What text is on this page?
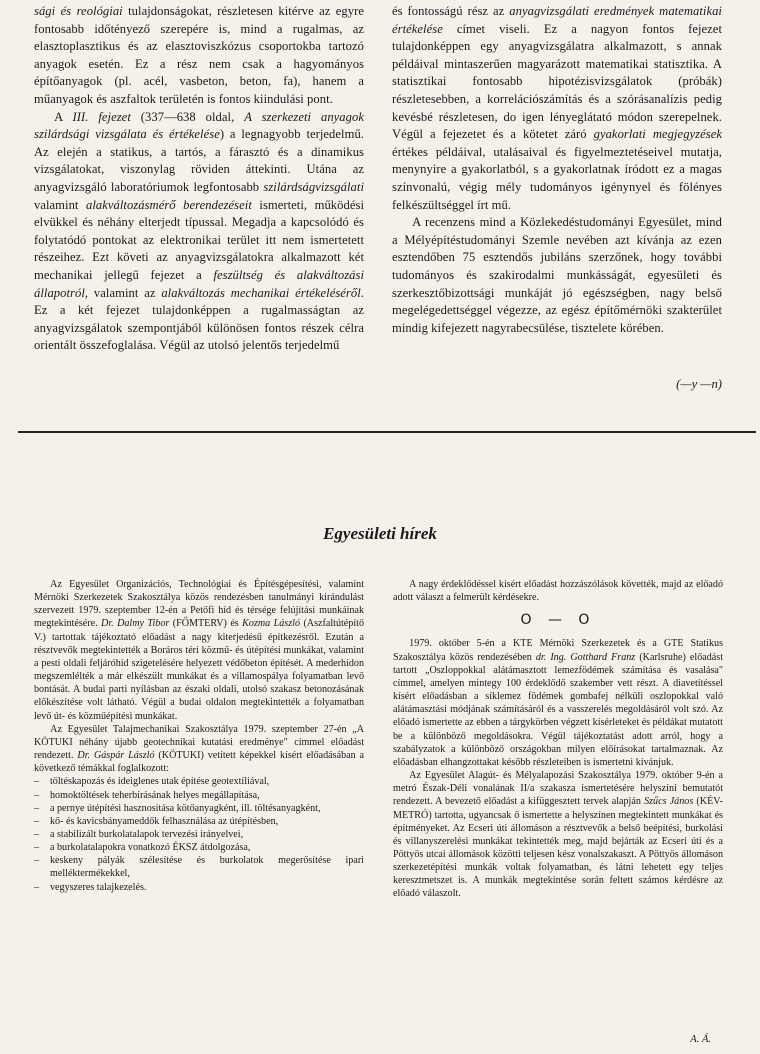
sági és reológiai tulajdonságokat, részletesen kitérve az egyre fontosabb időtényező szerepére is, mind a rugalmas, az elasztoplasztikus és az elasztoviszkózus csoportokba tartozó anyagok esetén. Ez a rész nem csak a hagyományos építőanyagok (pl. acél, vasbeton, beton, fa), hanem a műanyagok és aszfaltok területén is fontos kiindulási pont.

A III. fejezet (337—638 oldal, A szerkezeti anyagok szilárdsági vizsgálata és értékelése) a legnagyobb terjedelmű. Az elején a statikus, a tartós, a fárasztó és a dinamikus vizsgálatokat, viszonylag röviden áttekinti. Utána az anyagvizsgáló laboratóriumok legfontosabb szilárdságvizsgálati valamint alakváltozásmérő berendezéseit ismerteti, működési elvükkel és néhány elterjedt típussal. Megadja a kapcsolódó és folytatódó pontokat az elektronikai terület itt nem ismertetett részeihez. Ezt követi az anyagvizsgálatokra alkalmazott két mechanikai jellegű fejezet a feszültség és alakváltozási állapotról, valamint az alakváltozás mechanikai értékeléséről. Ez a két fejezet tulajdonképpen a rugalmasságtan az anyagvizsgálatok szempontjából különösen fontos részek célra orientált összefoglalása. Végül az utolsó jelentős terjedelmű

és fontosságú rész az anyagvizsgálati eredmények matematikai értékelése címet viseli. Ez a nagyon fontos fejezet tulajdonképpen egy anyagvizsgálatra alkalmazott, s annak példáival mintaszerűen magyarázott matematikai statisztika. A statisztikai fontosabb hipotézisvizsgálatok (próbák) részletesebben, a korrelációszámítás és a szórásanalízis pedig kevésbé részletesen, do igen lényeglátató módon szerepelnek. Végül a fejezetet és a kötetet záró gyakorlati megjegyzések értékes példáival, utalásaival és figyelmeztetéseivel mutatja, menynyire a gyakorlatból, s a gyakorlatnak íródott ez a magas színvonalú, végig mély tudományos igénynyel és fölényes felkészültséggel írt mű.

A recenzens mind a Közlekedéstudományi Egyesület, mind a Mélyépítéstudományi Szemle nevében azt kívánja az ezen esztendőben 75 esztendős jubiláns szerzőnek, hogy további tudományos és szakirodalmi munkásságát, egyesületi és szerkesztőbizottsági munkáját jó egészségben, nagy belső megelégedettséggel végezze, az egész építőmérnöki szakterület mindig kifejezett nagyrabecsülése, tisztelete körében.

(—y —n)
Egyesületi hírek

Az Egyesület Organizációs, Technológiai és Építésgépesítési, valamint Mérnöki Szerkezetek Szakosztálya közös rendezésben tanulmányi kirándulást szervezett 1979. szeptember 12-én a Petőfi híd és térsége felújítási munkáinak megtekintésére. Dr. Dalmy Tibor (FŐMTERV) és Kozma László (Aszfaltútépítő V.) tartottak tájékoztató előadást a nagy kiterjedésű építkezésről. Ezután a résztvevők megtekintették a Boráros téri közmű- és útépítési munkákat, valamint a pesti oldali feljáróhíd szigetelésére helyezett védőbeton építését. A mederhídon megszemlélték a már elkészült munkákat és a villamospálya folyamatban levő bontását. A budai parti nyílásban az északi oldali, utolsó szakasz betonozásának előkészítése volt látható. Végül a budai oldalon megtekintették a folyamatban levő út- és közműépítési munkákat.

Az Egyesület Talajmechanikai Szakosztálya 1979. szeptember 27-én „A KÖTUKI néhány újabb geotechnikai kutatási eredménye" címmel előadást rendezett. Dr. Gáspár László (KÖTUKI) vetített képekkel kísért előadásában a következő témákkal foglalkozott:

– töltéskapozás és ideiglenes utak építése geotextíliával,
– homoktöltések teherbírásának helyes megállapítása,
– a pernye útépítési hasznosítása kötőanyagként, ill. töltésanyagként,
– kő- és kavicsbányameddők felhasználása az útépítésben,
– a stabilizált burkolatalapok tervezési irányelvei,
– a burkolatalapokra vonatkozó ÉKSZ átdolgozása,
– keskeny pályák szélesítése és burkolatok megerősítése ipari melléktermékekkel,
– vegyszeres talajkezelés.

A nagy érdeklődéssel kísért előadást hozzászólások követték, majd az előadó adott választ a felmerült kérdésekre.

O — O

1979. október 5-én a KTE Mérnöki Szerkezetek és a GTE Statikus Szakosztálya közös rendezésében dr. Ing. Gotthard Franz (Karlsruhe) előadást tartott „Oszloppokkal alátámasztott lemezfödémek számítása és vasalása" címmel, amelyen mintegy 100 érdeklődő szakember vett részt. A diavetítéssel kísért előadásban a síklemez födémek gombafej nélküli oszlopokkal való alátámasztási módjának számításáról és a vasszerelés megoldásáról volt szó. Az előadó ismertette az ebben a tárgykörben végzett kísérleteket és példákat mutatott be a különböző megoldásokra. Végül tájékoztatást adott arról, hogy a szabályzatok a különböző országokban milyen előírásokat tartalmaznak. Az előadásban elhangzottakat később részleteiben is ismertetni kívánjuk.

Az Egyesület Alagút- és Mélyalapozási Szakosztálya 1979. október 9-én a metró Észak-Déli vonalának II/a szakasza ismertetésére helyszíni bemutatót rendezett. A bevezető előadást a kifüggesztett tervek alapján Szűcs János (KÉV-METRÓ) tartotta, ugyancsak ő ismertette a helyszínen megtekintett munkákat és építményeket. Az Ecseri úti állomáson a résztvevők a belső beépítési, burkolási és villanyszerelési munkákat tekintették meg, majd bejárták az Ecseri úti és a Pöttyös utcai állomások közötti teljesen kész vonalszakaszt. A Pöttyös állomáson szerkezetépítési munkák voltak folyamatban, és látni lehetett egy teljes keresztmetszet is. A munkák megtekintése során feltett számos kérdésre az előadó válaszolt.

A. Á.
